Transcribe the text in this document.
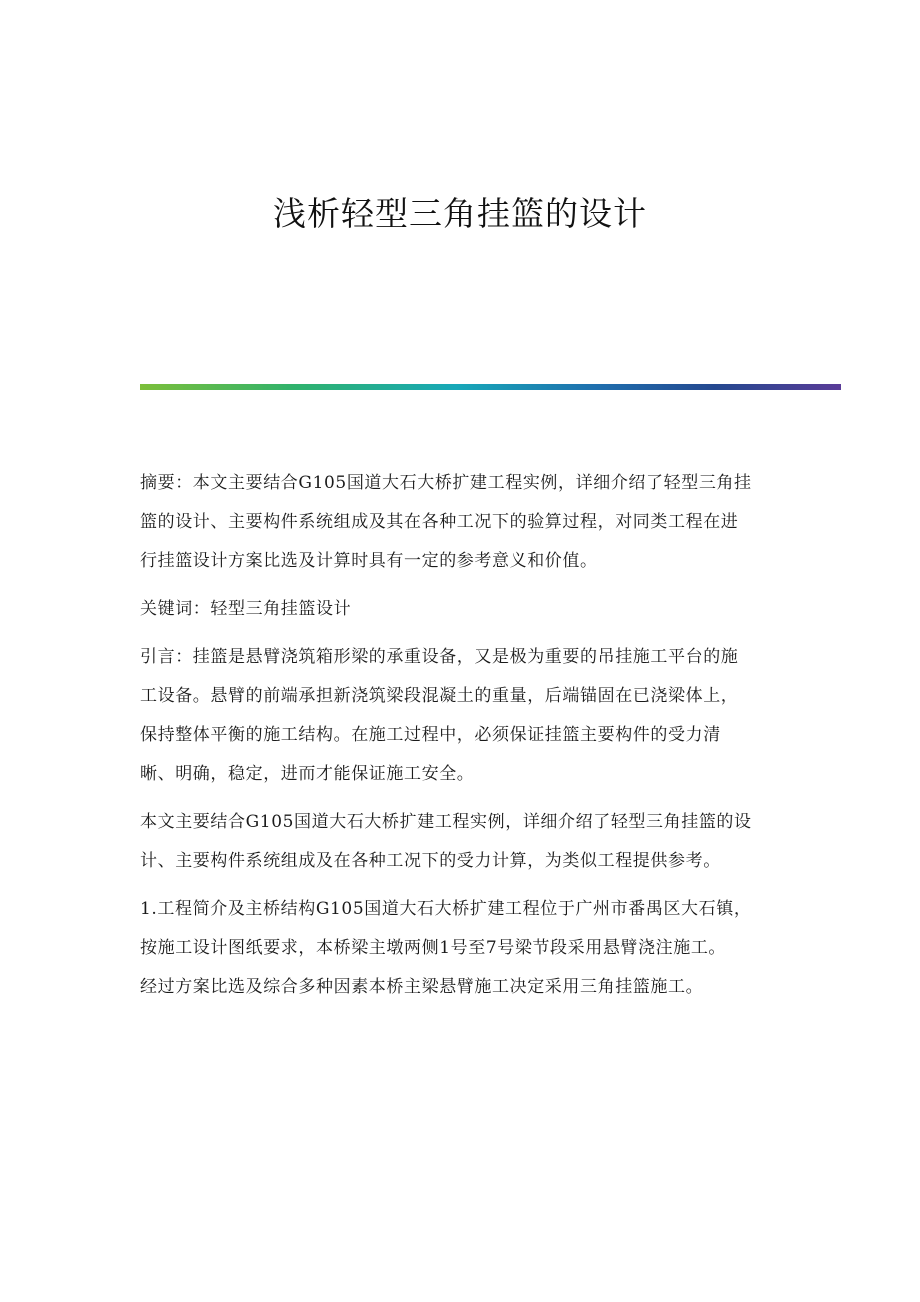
浅析轻型三角挂篮的设计

摘要：本文主要结合G105国道大石大桥扩建工程实例，详细介绍了轻型三角挂
篮的设计、主要构件系统组成及其在各种工况下的验算过程，对同类工程在进
行挂篮设计方案比选及计算时具有一定的参考意义和价值。

关键词：轻型三角挂篮设计

引言：挂篮是悬臂浇筑箱形梁的承重设备，又是极为重要的吊挂施工平台的施
工设备。悬臂的前端承担新浇筑梁段混凝土的重量，后端锚固在已浇梁体上，
保持整体平衡的施工结构。在施工过程中，必须保证挂篮主要构件的受力清
晰、明确，稳定，进而才能保证施工安全。

本文主要结合G105国道大石大桥扩建工程实例，详细介绍了轻型三角挂篮的设
计、主要构件系统组成及在各种工况下的受力计算，为类似工程提供参考。

1.工程简介及主桥结构G105国道大石大桥扩建工程位于广州市番禺区大石镇，
按施工设计图纸要求，本桥梁主墩两侧1号至7号梁节段采用悬臂浇注施工。
经过方案比选及综合多种因素本桥主梁悬臂施工决定采用三角挂篮施工。
